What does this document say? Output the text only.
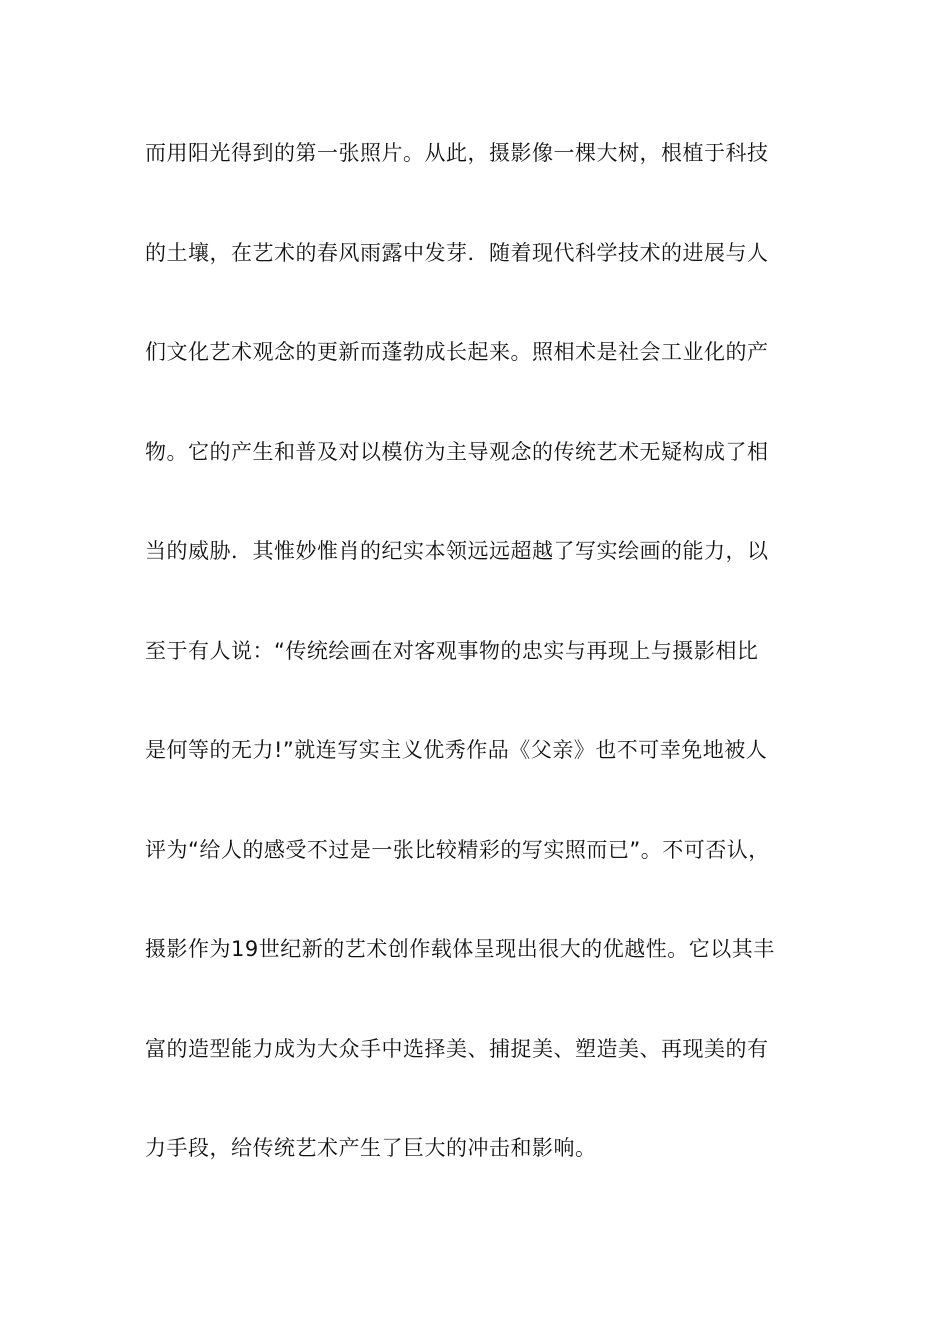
而用阳光得到的第一张照片。从此，摄影像一棵大树，根植于科技
的土壤，在艺术的春风雨露中发芽．随着现代科学技术的进展与人
们文化艺术观念的更新而蓬勃成长起来。照相术是社会工业化的产
物。它的产生和普及对以模仿为主导观念的传统艺术无疑构成了相
当的威胁．其惟妙惟肖的纪实本领远远超越了写实绘画的能力，以
至于有人说：“传统绘画在对客观事物的忠实与再现上与摄影相比
是何等的无力!”就连写实主义优秀作品《父亲》也不可幸免地被人
评为“给人的感受不过是一张比较精彩的写实照而已”。不可否认，
摄影作为19世纪新的艺术创作载体呈现出很大的优越性。它以其丰
富的造型能力成为大众手中选择美、捕捉美、塑造美、再现美的有
力手段，给传统艺术产生了巨大的冲击和影响。
